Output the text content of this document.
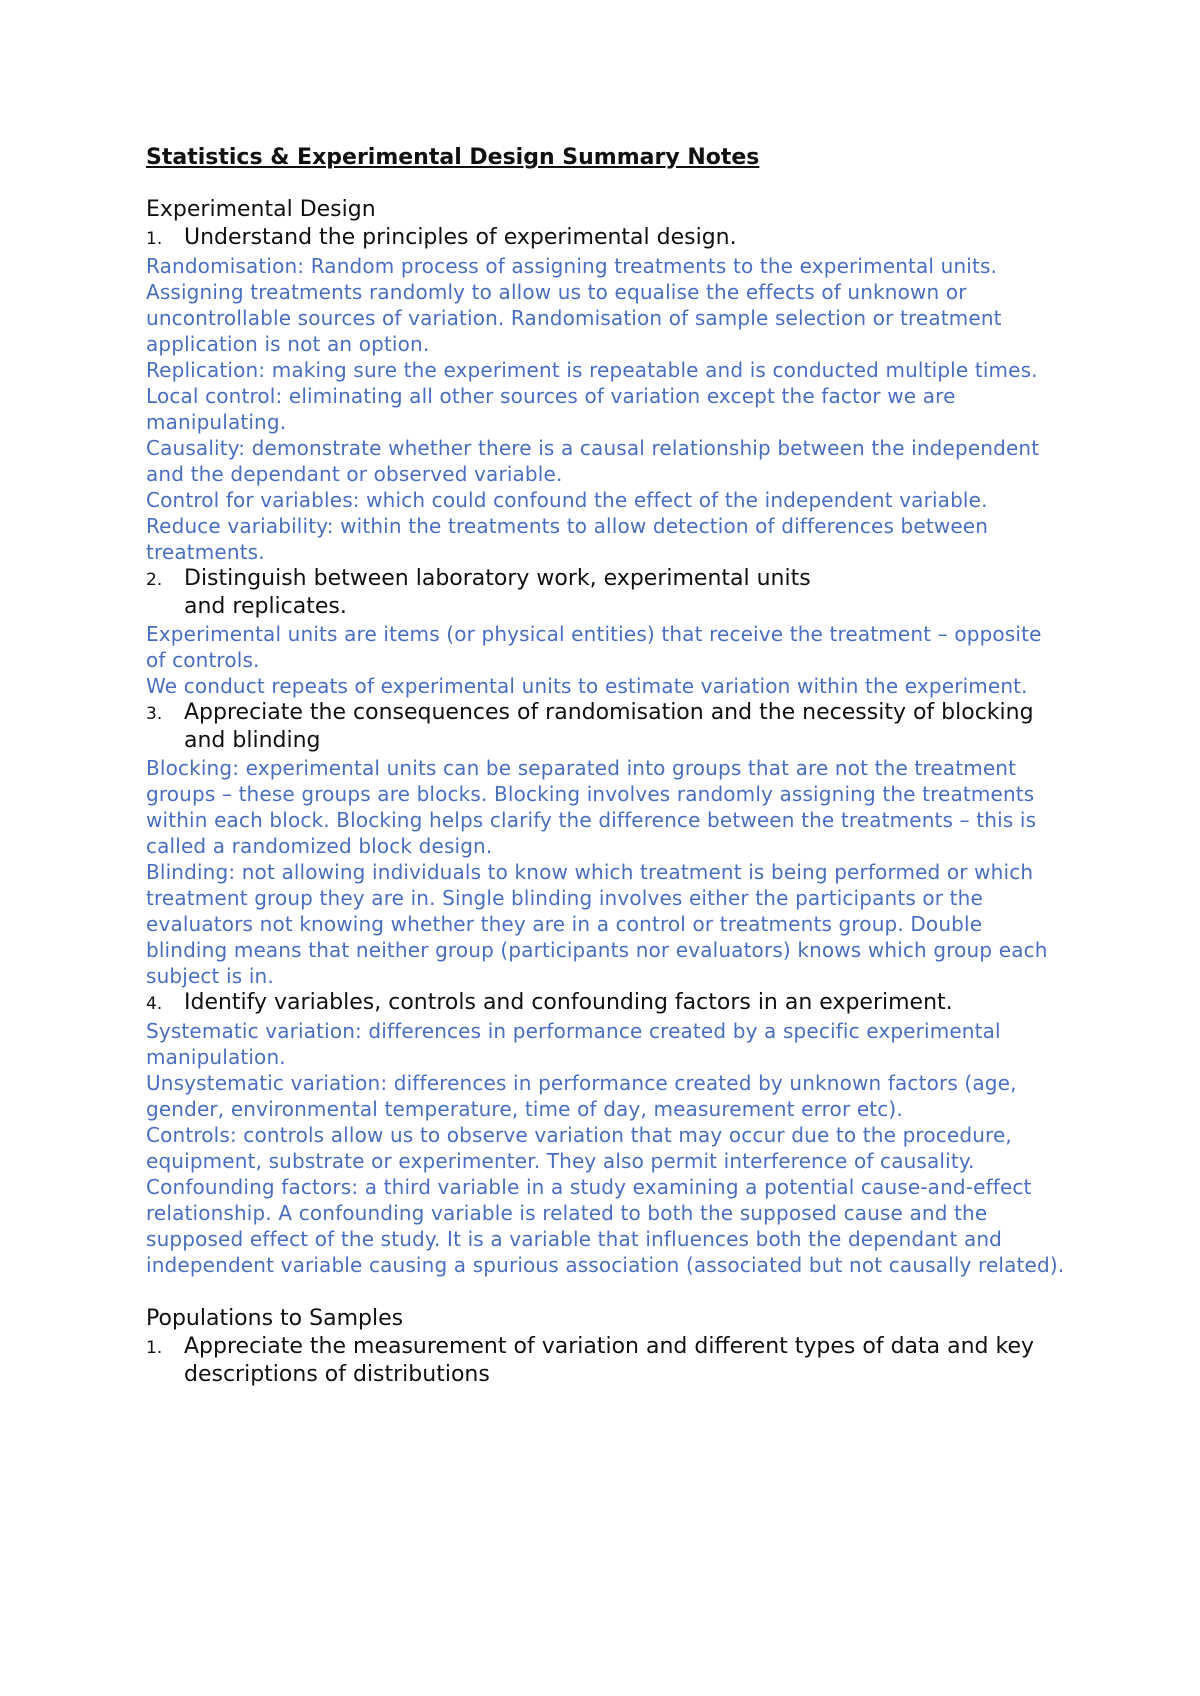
Statistics & Experimental Design Summary Notes
Experimental Design
1. Understand the principles of experimental design.

Randomisation: Random process of assigning treatments to the experimental units. Assigning treatments randomly to allow us to equalise the effects of unknown or uncontrollable sources of variation. Randomisation of sample selection or treatment application is not an option.

Replication: making sure the experiment is repeatable and is conducted multiple times.

Local control: eliminating all other sources of variation except the factor we are manipulating.

Causality: demonstrate whether there is a causal relationship between the independent and the dependant or observed variable.

Control for variables: which could confound the effect of the independent variable.

Reduce variability: within the treatments to allow detection of differences between treatments.

2. Distinguish between laboratory work, experimental units and replicates.

Experimental units are items (or physical entities) that receive the treatment – opposite of controls.

We conduct repeats of experimental units to estimate variation within the experiment.

3. Appreciate the consequences of randomisation and the necessity of blocking and blinding

Blocking: experimental units can be separated into groups that are not the treatment groups – these groups are blocks. Blocking involves randomly assigning the treatments within each block. Blocking helps clarify the difference between the treatments – this is called a randomized block design.

Blinding: not allowing individuals to know which treatment is being performed or which treatment group they are in. Single blinding involves either the participants or the evaluators not knowing whether they are in a control or treatments group. Double blinding means that neither group (participants nor evaluators) knows which group each subject is in.

4. Identify variables, controls and confounding factors in an experiment.

Systematic variation: differences in performance created by a specific experimental manipulation.

Unsystematic variation: differences in performance created by unknown factors (age, gender, environmental temperature, time of day, measurement error etc).

Controls: controls allow us to observe variation that may occur due to the procedure, equipment, substrate or experimenter. They also permit interference of causality.

Confounding factors: a third variable in a study examining a potential cause-and-effect relationship. A confounding variable is related to both the supposed cause and the supposed effect of the study. It is a variable that influences both the dependant and independent variable causing a spurious association (associated but not causally related).

Populations to Samples
1. Appreciate the measurement of variation and different types of data and key descriptions of distributions
